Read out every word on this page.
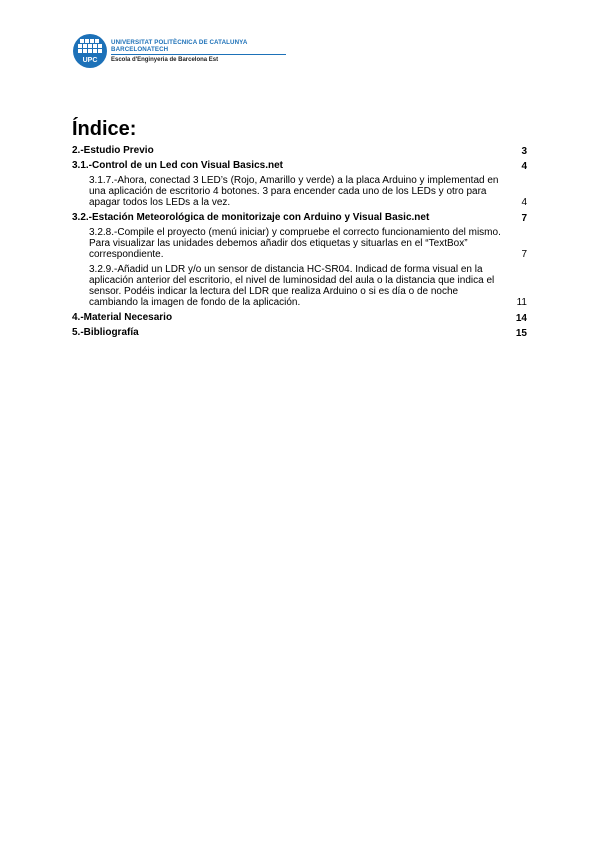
UPC
UNIVERSITAT POLITÈCNICA DE CATALUNYA
BARCELONATECH
Escola d'Enginyeria de Barcelona Est
Índice:
2.-Estudio Previo	3
3.1.-Control de un Led con Visual Basics.net	4
3.1.7.-Ahora, conectad 3 LED’s (Rojo, Amarillo y verde) a la placa Arduino y implementad en una aplicación de escritorio 4 botones. 3 para encender cada uno de los LEDs y otro para apagar todos los LEDs a la vez.	4
3.2.-Estación Meteorológica de monitorizaje con Arduino y Visual Basic.net	7
3.2.8.-Compile el proyecto (menú iniciar) y compruebe el correcto funcionamiento del mismo. Para visualizar las unidades debemos añadir dos etiquetas y situarlas en el “TextBox” correspondiente.	7
3.2.9.-Añadid un LDR y/o un sensor de distancia HC-SR04. Indicad de forma visual en la aplicación anterior del escritorio, el nivel de luminosidad del aula o la distancia que indica el sensor. Podéis indicar la lectura del LDR que realiza Arduino o si es día o de noche cambiando la imagen de fondo de la aplicación.	11
4.-Material Necesario	14
5.-Bibliografía	15
